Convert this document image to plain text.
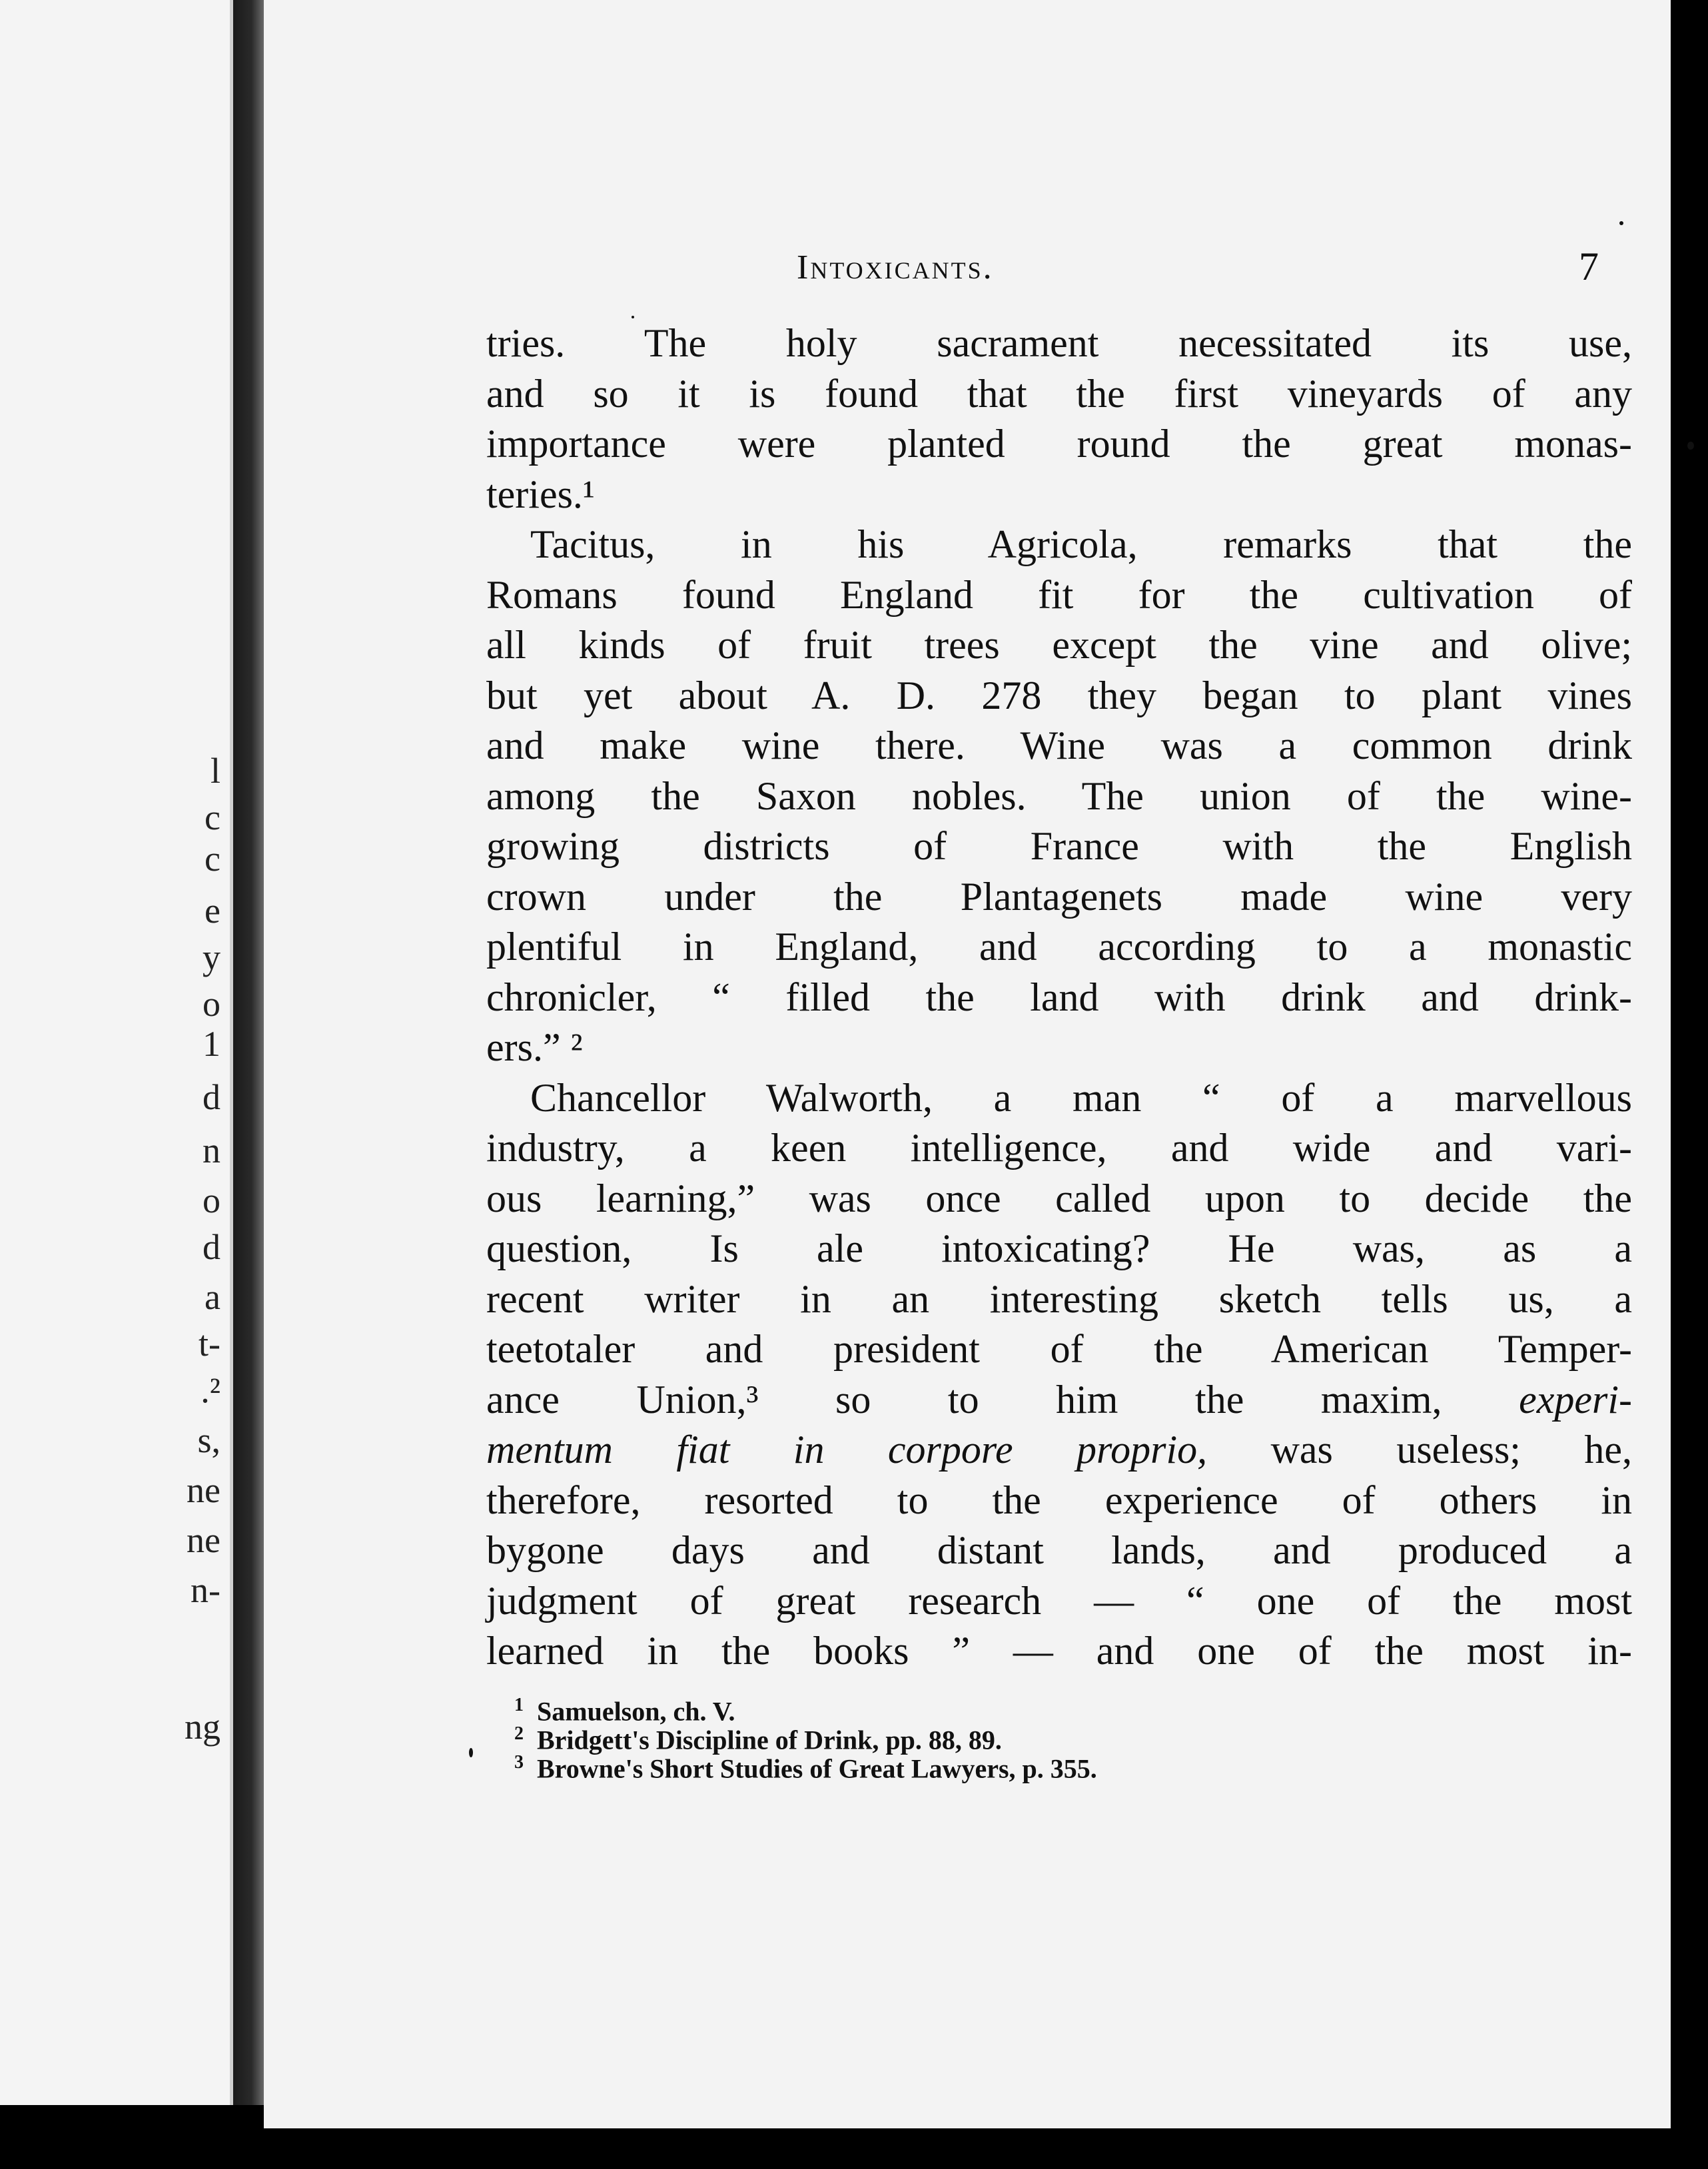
l
c
c
e
y
o
1
d
n
o
d
a
t-
.²
s,
ne
ne
n-
ng
Intoxicants.	7
tries. The holy sacrament necessitated its use,
and so it is found that the first vineyards of any
importance were planted round the great monas-
teries.¹
Tacitus, in his Agricola, remarks that the
Romans found England fit for the cultivation of
all kinds of fruit trees except the vine and olive;
but yet about A. D. 278 they began to plant vines
and make wine there. Wine was a common drink
among the Saxon nobles. The union of the wine-
growing districts of France with the English
crown under the Plantagenets made wine very
plentiful in England, and according to a monastic
chronicler, “ filled the land with drink and drink-
ers.” ²
Chancellor Walworth, a man “ of a marvellous
industry, a keen intelligence, and wide and vari-
ous learning,” was once called upon to decide the
question, Is ale intoxicating? He was, as a
recent writer in an interesting sketch tells us, a
teetotaler and president of the American Temper-
ance Union,³ so to him the maxim, experi-
mentum fiat in corpore proprio, was useless; he,
therefore, resorted to the experience of others in
bygone days and distant lands, and produced a
judgment of great research — “ one of the most
learned in the books ” — and one of the most in-
1 Samuelson, ch. V.
2 Bridgett's Discipline of Drink, pp. 88, 89.
3 Browne's Short Studies of Great Lawyers, p. 355.
